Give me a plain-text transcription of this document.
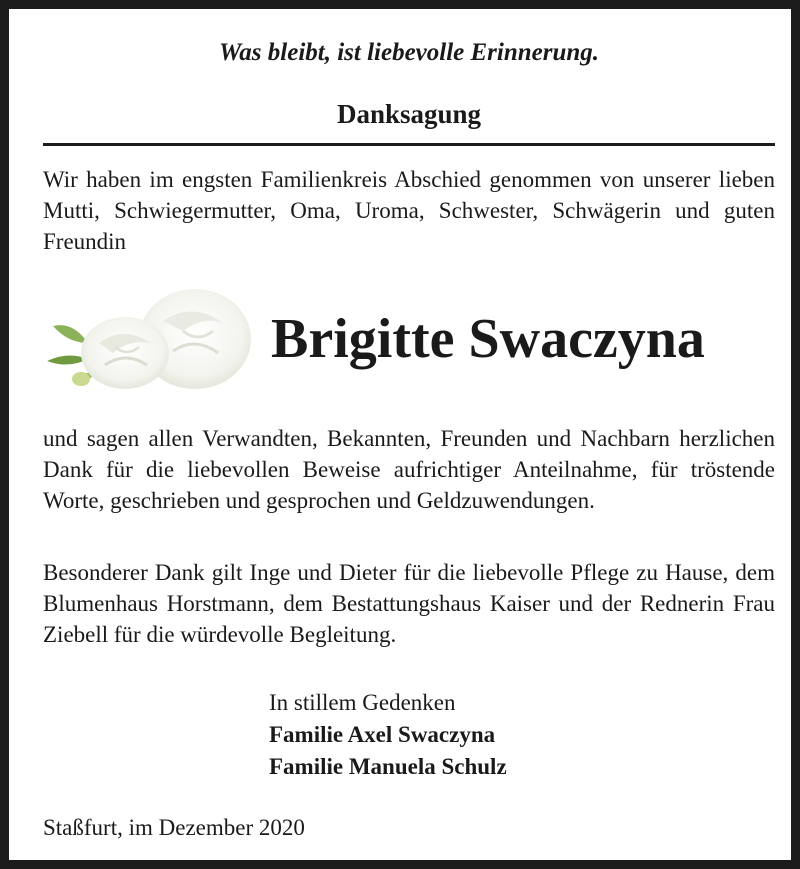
Was bleibt, ist liebevolle Erinnerung.
Danksagung
Wir haben im engsten Familienkreis Abschied genommen von unserer lieben Mutti, Schwiegermutter, Oma, Uroma, Schwester, Schwägerin und guten Freundin
Brigitte Swaczyna
und sagen allen Verwandten, Bekannten, Freunden und Nachbarn herzlichen Dank für die liebevollen Beweise aufrichtiger Anteilnahme, für tröstende Worte, geschrieben und gesprochen und Geldzuwendungen.
Besonderer Dank gilt Inge und Dieter für die liebevolle Pflege zu Hause, dem Blumenhaus Horstmann, dem Bestattungshaus Kaiser und der Rednerin Frau Ziebell für die würdevolle Begleitung.
In stillem Gedenken
Familie Axel Swaczyna
Familie Manuela Schulz
Staßfurt, im Dezember 2020
